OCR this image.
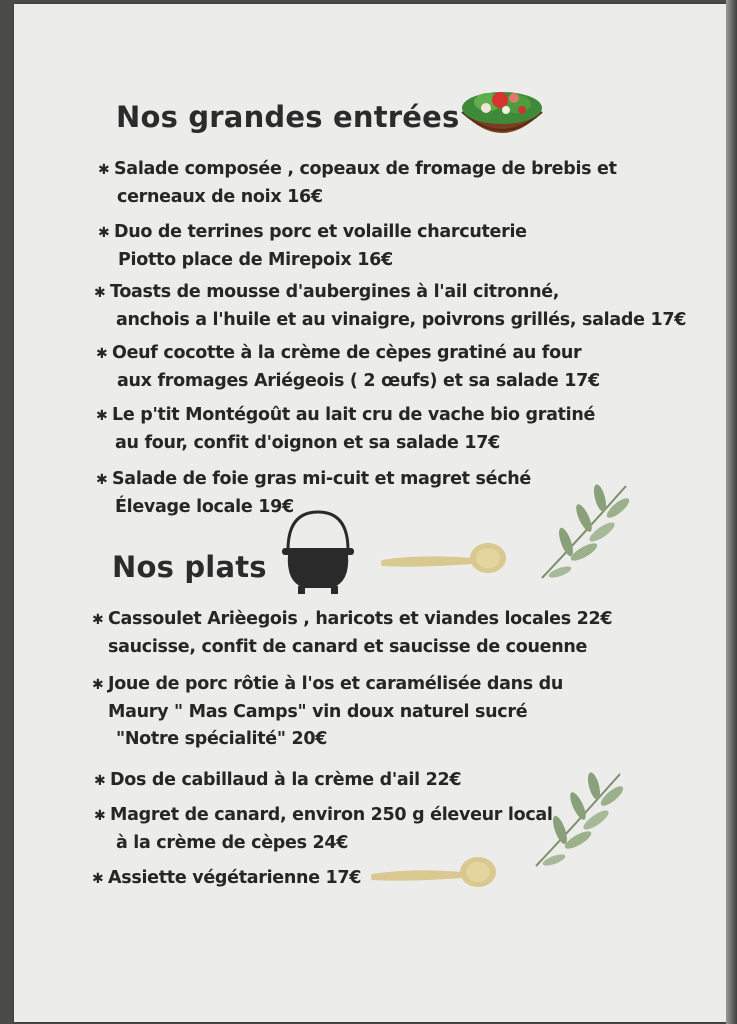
Nos grandes entrées
✱ Salade composée , copeaux de fromage de brebis et
cerneaux de noix 16€
✱ Duo de terrines porc et volaille charcuterie
Piotto place de Mirepoix 16€
✱ Toasts de mousse d'aubergines à l'ail citronné,
anchois a l'huile et au vinaigre, poivrons grillés, salade 17€
✱ Oeuf cocotte à la crème de cèpes gratiné au four
aux fromages Ariégeois ( 2 œufs) et sa salade 17€
✱ Le p'tit Montégoût au lait cru de vache bio gratiné
au four, confit d'oignon et sa salade 17€
✱ Salade de foie gras mi-cuit et magret séché
Élevage locale 19€
Nos plats
✱ Cassoulet Arièegois , haricots et viandes locales 22€
saucisse, confit de canard et saucisse de couenne
✱ Joue de porc rôtie à l'os et caramélisée dans du
Maury " Mas Camps" vin doux naturel sucré
"Notre spécialité" 20€
✱ Dos de cabillaud à la crème d'ail 22€
✱ Magret de canard, environ 250 g éleveur local
à la crème de cèpes 24€
✱ Assiette végétarienne 17€
